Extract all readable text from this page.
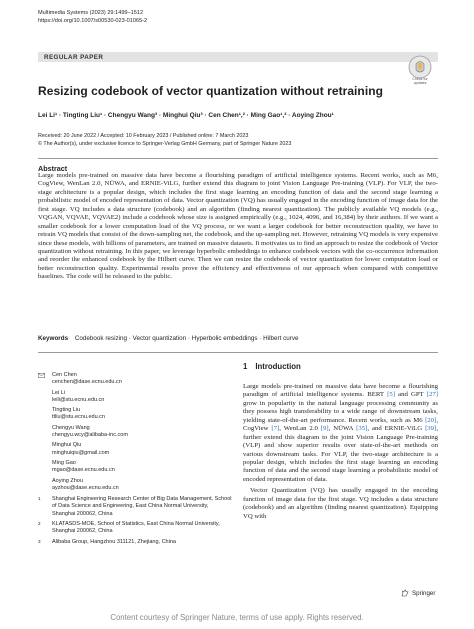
Multimedia Systems (2023) 29:1499–1512
https://doi.org/10.1007/s00530-023-01065-2
REGULAR PAPER
Check for
updates
Resizing codebook of vector quantization without retraining
Lei Li¹ · Tingting Liu¹ · Chengyu Wang³ · Minghui Qiu³ · Cen Chen¹,² · Ming Gao¹,² · Aoying Zhou¹
Received: 20 June 2022 / Accepted: 10 February 2023 / Published online: 7 March 2023
© The Author(s), under exclusive licence to Springer-Verlag GmbH Germany, part of Springer Nature 2023
Abstract
Large models pre-trained on massive data have become a flourishing paradigm of artificial intelligence systems. Recent works, such as M6, CogView, WenLan 2.0, NÜWA, and ERNIE-ViLG, further extend this diagram to joint Vision Language Pre-training (VLP). For VLP, the two-stage architecture is a popular design, which includes the first stage learning an encoding function of data and the second stage learning a probabilistic model of encoded representation of data. Vector quantization (VQ) has usually engaged in the encoding function of image data for the first stage. VQ includes a data structure (codebook) and an algorithm (finding nearest quantization). The publicly available VQ models (e.g., VQGAN, VQVAE, VQVAE2) include a codebook whose size is assigned empirically (e.g., 1024, 4096, and 16,384) by their authors. If we want a smaller codebook for a lower computation load of the VQ process, or we want a larger codebook for better reconstruction quality, we have to retrain VQ models that consist of the down-sampling net, the codebook, and the up-sampling net. However, retraining VQ models is very expensive since these models, with billions of parameters, are trained on massive datasets. It motivates us to find an approach to resize the codebook of Vector quantization without retraining. In this paper, we leverage hyperbolic embeddings to enhance codebook vectors with the co-occurrence information and reorder the enhanced codebook by the Hilbert curve. Then we can resize the codebook of vector quantization for lower computation load or better reconstruction quality. Experimental results prove the efficiency and effectiveness of our approach when compared with competitive baselines. The code will be released to the public.
Keywords Codebook resizing · Vector quantization · Hyperbolic embeddings · Hilbert curve
Cen Chen
cenchen@dase.ecnu.edu.cn
Lei Li
leili@stu.ecnu.edu.cn
Tingting Liu
ttliu@stu.ecnu.edu.cn
Chengyu Wang
chengyu.wcy@alibaba-inc.com
Minghui Qiu
minghuiqiu@gmail.com
Ming Gao
mgao@dase.ecnu.edu.cn
Aoying Zhou
ayzhou@dase.ecnu.edu.cn
1	Shanghai Engineering Research Center of Big Data Management, School of Data Science and Engineering, East China Normal University, Shanghai 200062, China
2	KLATASDS-MOE, School of Statistics, East China Normal University, Shanghai 200062, China
3	Alibaba Group, Hangzhou 311121, Zhejiang, China
1 Introduction

Large models pre-trained on massive data have become a flourishing paradigm of artificial intelligence systems. BERT [5] and GPT [27] grow in popularity in the natural language processing community as they possess high transferability to a wide range of downstream tasks, yielding state-of-the-art performance. Recent works, such as M6 [20], CogView [7], WenLan 2.0 [9], NÜWA [35], and ERNIE-ViLG [39], further extend this diagram to the joint Vision Language Pre-training (VLP) and show superior results over state-of-the-art methods on various downstream tasks. For VLP, the two-stage architecture is a popular design, which includes the first stage learning an encoding function of data and the second stage learning a probabilistic model of encoded representation of data.

Vector Quantization (VQ) has usually engaged in the encoding function of image data for the first stage. VQ includes a data structure (codebook) and an algorithm (finding nearest quantization). Equipping VQ with

Springer
Content courtesy of Springer Nature, terms of use apply. Rights reserved.
